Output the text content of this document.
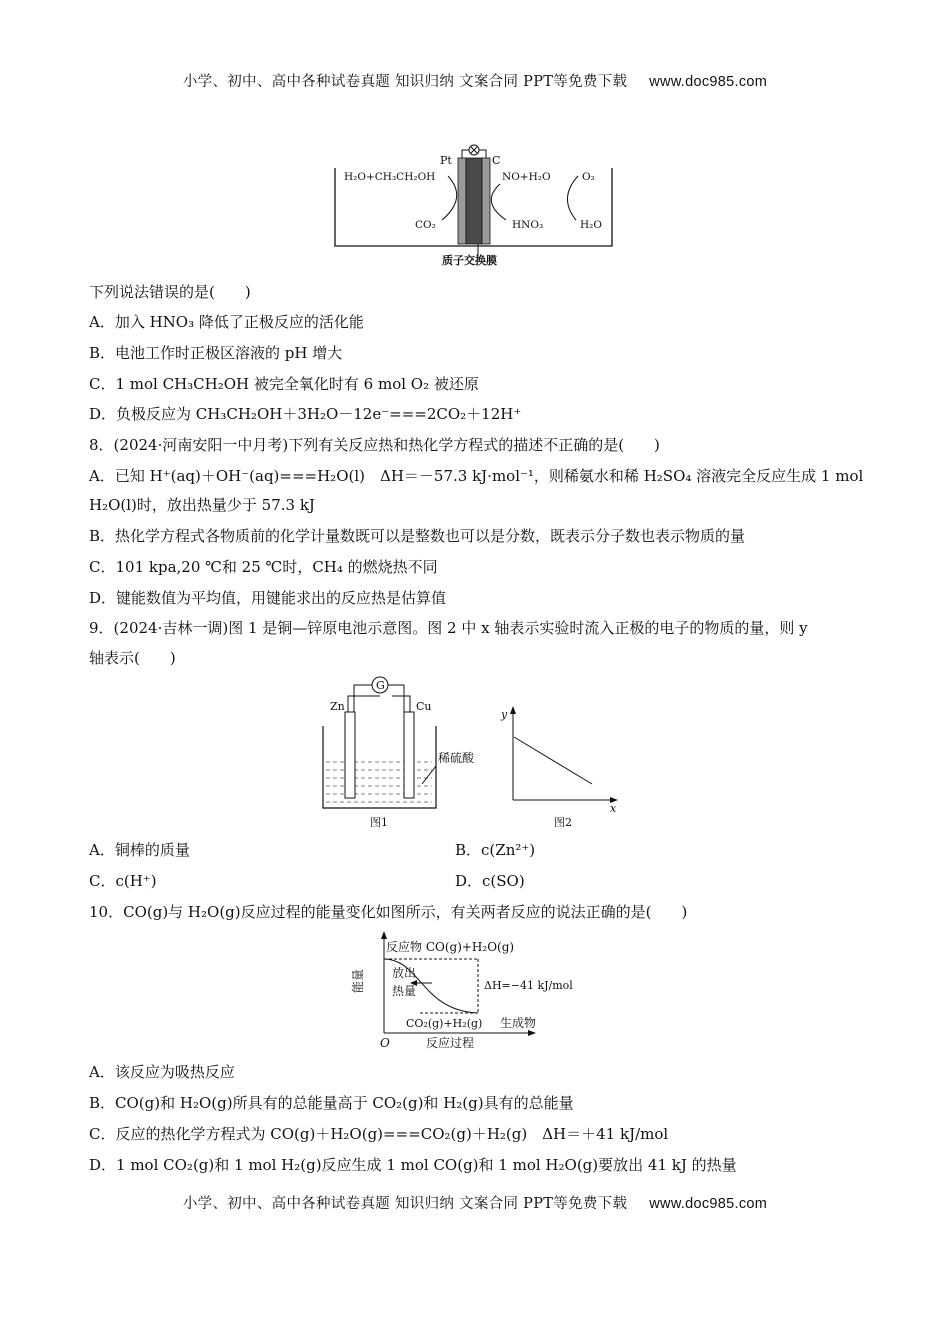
小学、初中、高中各种试卷真题 知识归纳 文案合同 PPT等免费下载 www.doc985.com
Pt	C
H₂O+CH₃CH₂OH
CO₂
NO+H₂O
HNO₃
O₂
H₂O
质子交换膜
下列说法错误的是(　　)
A．加入 HNO₃ 降低了正极反应的活化能
B．电池工作时正极区溶液的 pH 增大
C．1 mol CH₃CH₂OH 被完全氧化时有 6 mol O₂ 被还原
D．负极反应为 CH₃CH₂OH＋3H₂O－12e⁻===2CO₂＋12H⁺
8．(2024·河南安阳一中月考)下列有关反应热和热化学方程式的描述不正确的是(　　)
A．已知 H⁺(aq)＋OH⁻(aq)===H₂O(l)　ΔH＝－57.3 kJ·mol⁻¹，则稀氨水和稀 H₂SO₄ 溶液完全反应生成 1 mol
H₂O(l)时，放出热量少于 57.3 kJ
B．热化学方程式各物质前的化学计量数既可以是整数也可以是分数，既表示分子数也表示物质的量
C．101 kpa,20 ℃和 25 ℃时，CH₄ 的燃烧热不同
D．键能数值为平均值，用键能求出的反应热是估算值
9．(2024·吉林一调)图 1 是铜—锌原电池示意图。图 2 中 x 轴表示实验时流入正极的电子的物质的量，则 y
轴表示(　　)
G
Zn	Cu
稀硫酸
图1
y
x
图2
A．铜棒的质量	B．c(Zn²⁺)
C．c(H⁺)	D．c(SO)
10．CO(g)与 H₂O(g)反应过程的能量变化如图所示，有关两者反应的说法正确的是(　　)
反应物 CO(g)+H₂O(g)
放出
热量	ΔH=−41 kJ/mol
CO₂(g)+H₂(g) 生成物
能量
O	反应过程
A．该反应为吸热反应
B．CO(g)和 H₂O(g)所具有的总能量高于 CO₂(g)和 H₂(g)具有的总能量
C．反应的热化学方程式为 CO(g)＋H₂O(g)===CO₂(g)＋H₂(g)　ΔH＝＋41 kJ/mol
D．1 mol CO₂(g)和 1 mol H₂(g)反应生成 1 mol CO(g)和 1 mol H₂O(g)要放出 41 kJ 的热量
小学、初中、高中各种试卷真题 知识归纳 文案合同 PPT等免费下载 www.doc985.com
